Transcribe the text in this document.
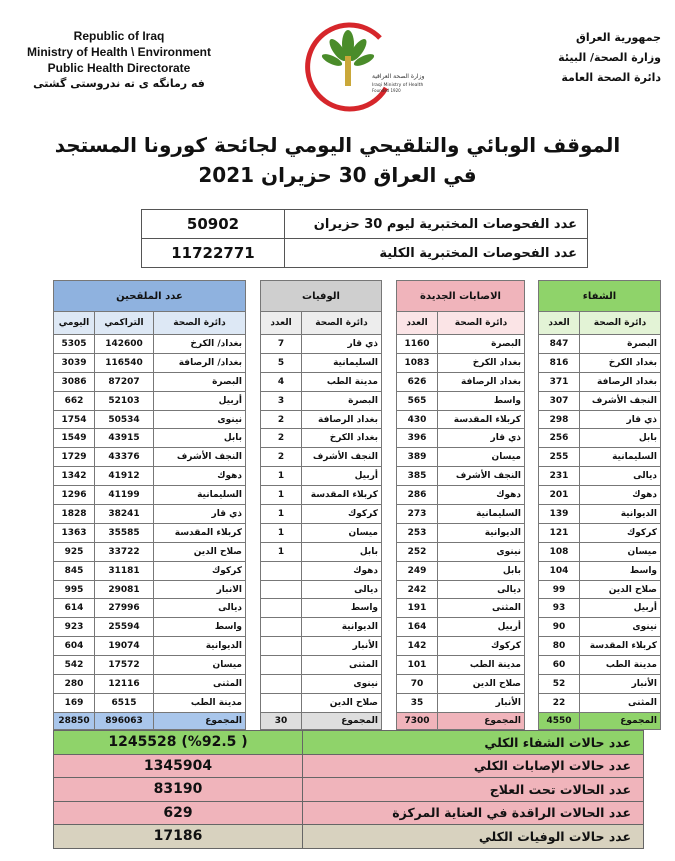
Republic of Iraq
Ministry of Health \ Environment
Public Health Directorate
فه رمانگه ى ته ندروستى گشتى
جمهورية العراق
وزارة الصحة/ البيئة
دائرة الصحة العامة
وزارة الصحة العراقية
Iraqi Ministry of Health
Founded 1920
الموقف الوبائي والتلقيحي اليومي لجائحة كورونا المستجد
في العراق 30 حزيران 2021
50902	عدد الفحوصات المختبرية ليوم 30 حزيران
11722771	عدد الفحوصات المختبرية الكلية
عدد الملقحين		
اليومي	التراكمي	دائرة الصحة
5305	142600	بغداد/ الكرخ
3039	116540	بغداد/ الرصافة
3086	87207	البصرة
662	52103	أربيل
1754	50534	نينوى
1549	43915	بابل
1729	43376	النجف الأشرف
1342	41912	دهوك
1296	41199	السليمانية
1828	38241	ذي قار
1363	35585	كربلاء المقدسة
925	33722	صلاح الدين
845	31181	كركوك
995	29081	الانبار
614	27996	ديالى
923	25594	واسط
604	19074	الديوانية
542	17572	ميسان
280	12116	المثنى
169	6515	مدينة الطب
28850	896063	المجموع
الوفيات	
العدد	دائرة الصحة
7	ذي قار
5	السليمانية
4	مدينة الطب
3	البصرة
2	بغداد الرصافة
2	بغداد الكرخ
2	النجف الأشرف
1	أربيل
1	كربلاء المقدسة
1	كركوك
1	ميسان
1	بابل
	دهوك
	ديالى
	واسط
	الديوانية
	الأنبار
	المثنى
	نينوى
	صلاح الدين
30	المجموع
الاصابات الجديدة	
العدد	دائرة الصحة
1160	البصرة
1083	بغداد الكرخ
626	بغداد الرصافة
565	واسط
430	كربلاء المقدسة
396	ذي قار
389	ميسان
385	النجف الأشرف
286	دهوك
273	السليمانية
253	الديوانية
252	نينوى
249	بابل
242	ديالى
191	المثنى
164	أربيل
142	كركوك
101	مدينة الطب
70	صلاح الدين
35	الأنبار
7300	المجموع
الشفاء	
العدد	دائرة الصحة
847	البصرة
816	بغداد الكرخ
371	بغداد الرصافة
307	النجف الأشرف
298	ذي قار
256	بابل
255	السليمانية
231	ديالى
201	دهوك
139	الديوانية
121	كركوك
108	ميسان
104	واسط
99	صلاح الدين
93	أربيل
90	نينوى
80	كربلاء المقدسة
60	مدينة الطب
52	الأنبار
22	المثنى
4550	المجموع
1245528 (%92.5 )	عدد حالات الشفاء الكلي
1345904	عدد حالات الإصابات الكلي
83190	عدد الحالات تحت العلاج
629	عدد الحالات الراقدة في العناية المركزة
17186	عدد حالات الوفيات الكلي
